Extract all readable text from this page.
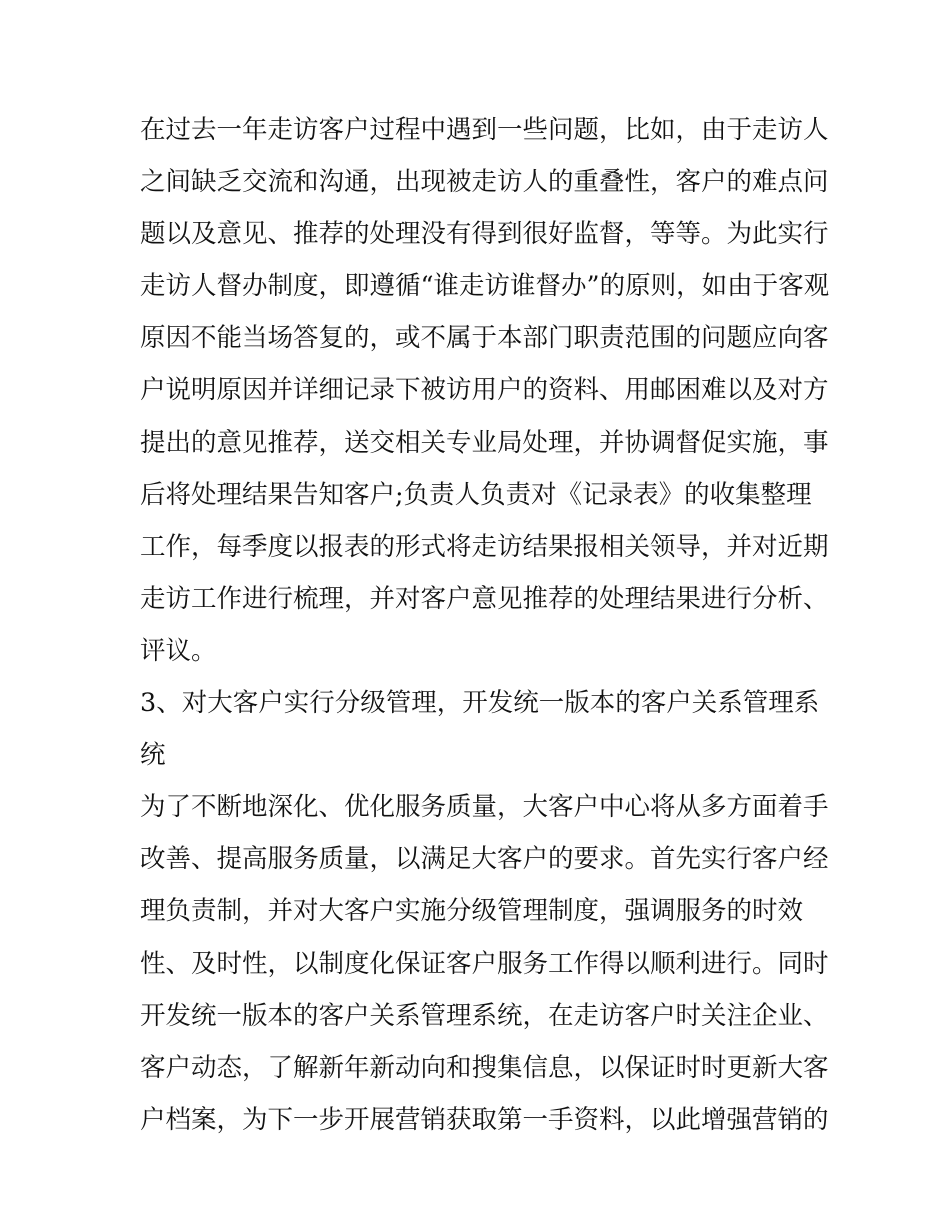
在过去一年走访客户过程中遇到一些问题，比如，由于走访人
之间缺乏交流和沟通，出现被走访人的重叠性，客户的难点问
题以及意见、推荐的处理没有得到很好监督，等等。为此实行
走访人督办制度，即遵循“谁走访谁督办”的原则，如由于客观
原因不能当场答复的，或不属于本部门职责范围的问题应向客
户说明原因并详细记录下被访用户的资料、用邮困难以及对方
提出的意见推荐，送交相关专业局处理，并协调督促实施，事
后将处理结果告知客户;负责人负责对《记录表》的收集整理
工作，每季度以报表的形式将走访结果报相关领导，并对近期
走访工作进行梳理，并对客户意见推荐的处理结果进行分析、
评议。
3、对大客户实行分级管理，开发统一版本的客户关系管理系
统
为了不断地深化、优化服务质量，大客户中心将从多方面着手
改善、提高服务质量，以满足大客户的要求。首先实行客户经
理负责制，并对大客户实施分级管理制度，强调服务的时效
性、及时性，以制度化保证客户服务工作得以顺利进行。同时
开发统一版本的客户关系管理系统，在走访客户时关注企业、
客户动态，了解新年新动向和搜集信息，以保证时时更新大客
户档案，为下一步开展营销获取第一手资料，以此增强营销的
